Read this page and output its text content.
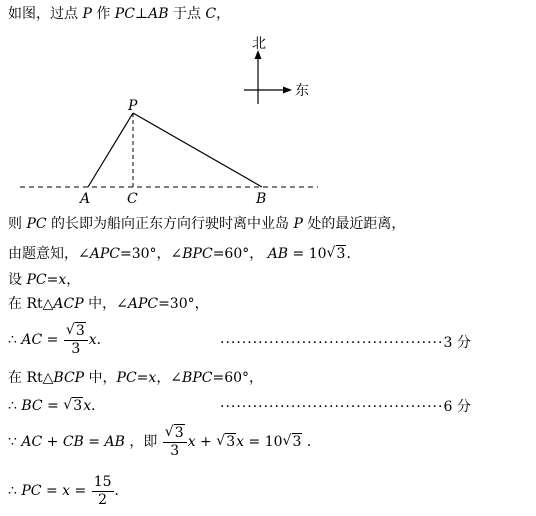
如图，过点 P 作 PC⊥AB 于点 C，
北
东
P
A	C	B
则 PC 的长即为船向正东方向行驶时离中业岛 P 处的最近距离，
由题意知，∠APC=30°，∠BPC=60°， AB = 10 √ 3．
设 PC=x，
在 Rt△ACP 中，∠APC=30°，
∴ AC = $\frac{√ 3}{3}$ x．	·········································3 分
在 Rt△BCP 中，PC=x，∠BPC=60°，
∴ BC = √ 3x．	·········································6 分
∵ AC + CB = AB ，即 $\frac{√ 3}{3}$ x + √ 3x = 10 √ 3 ．
∴ PC = $x = \frac{15}{2}$ ．
